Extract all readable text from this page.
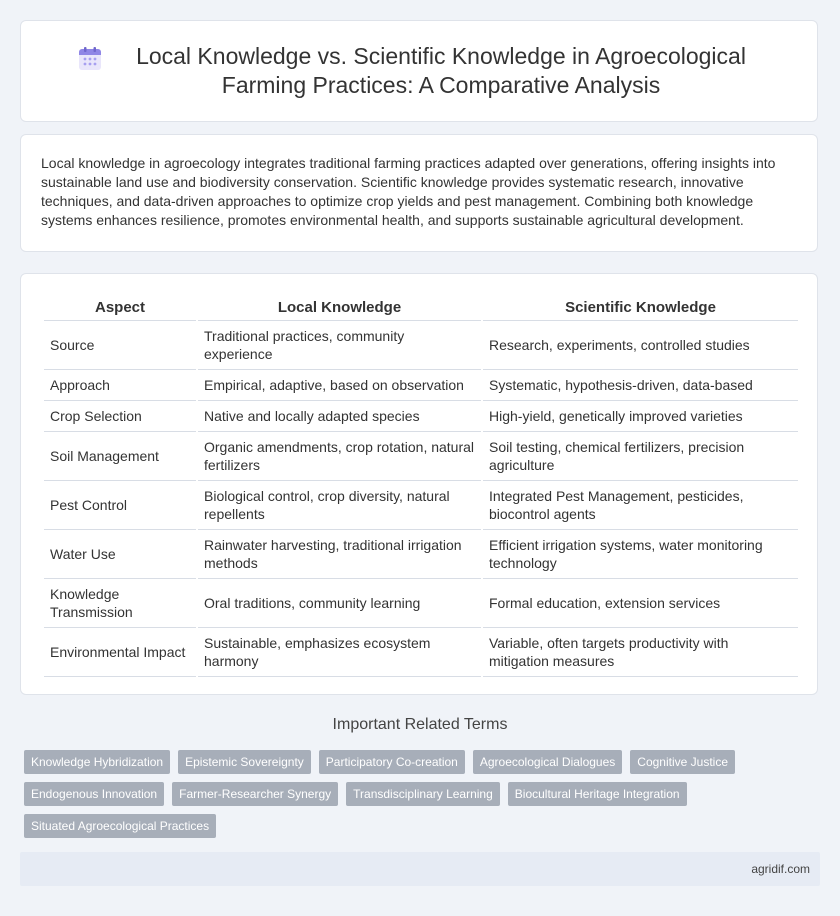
Local Knowledge vs. Scientific Knowledge in Agroecological Farming Practices: A Comparative Analysis

Local knowledge in agroecology integrates traditional farming practices adapted over generations, offering insights into sustainable land use and biodiversity conservation. Scientific knowledge provides systematic research, innovative techniques, and data-driven approaches to optimize crop yields and pest management. Combining both knowledge systems enhances resilience, promotes environmental health, and supports sustainable agricultural development.

Aspect	Local Knowledge	Scientific Knowledge
Source	Traditional practices, community experience	Research, experiments, controlled studies
Approach	Empirical, adaptive, based on observation	Systematic, hypothesis-driven, data-based
Crop Selection	Native and locally adapted species	High-yield, genetically improved varieties
Soil Management	Organic amendments, crop rotation, natural fertilizers	Soil testing, chemical fertilizers, precision agriculture
Pest Control	Biological control, crop diversity, natural repellents	Integrated Pest Management, pesticides, biocontrol agents
Water Use	Rainwater harvesting, traditional irrigation methods	Efficient irrigation systems, water monitoring technology
Knowledge Transmission	Oral traditions, community learning	Formal education, extension services
Environmental Impact	Sustainable, emphasizes ecosystem harmony	Variable, often targets productivity with mitigation measures
Important Related Terms
Knowledge Hybridization	Epistemic Sovereignty	Participatory Co-creation	Agroecological Dialogues	Cognitive Justice
Endogenous Innovation	Farmer-Researcher Synergy	Transdisciplinary Learning	Biocultural Heritage Integration
Situated Agroecological Practices
agridif.com
